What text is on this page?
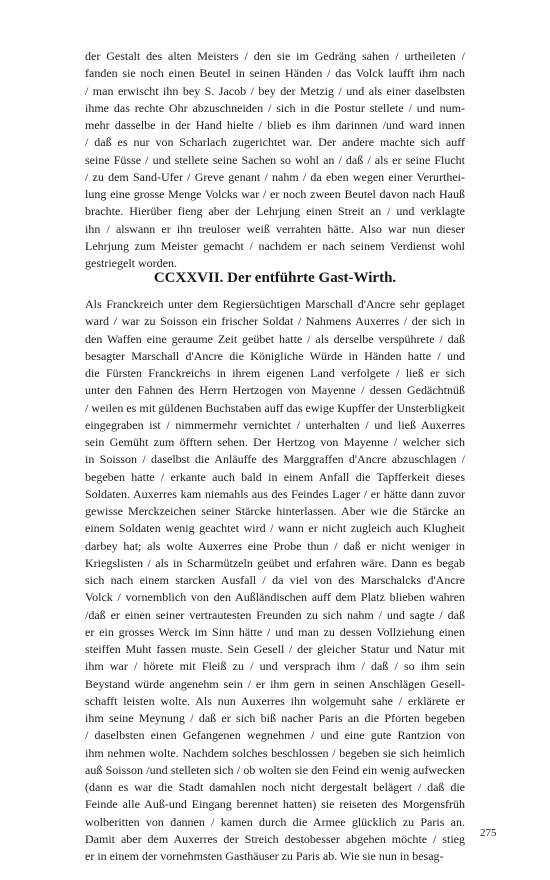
der Gestalt des alten Meisters / den sie im Gedräng sahen / urtheileten /
fanden sie noch einen Beutel in seinen Händen / das Volck laufft ihm nach
/ man erwischt ihn bey S. Jacob / bey der Metzig / und als einer daselbsten
ihme das rechte Ohr abzuschneiden / sich in die Postur stellete / und num-
mehr dasselbe in der Hand hielte / blieb es ihm darinnen /und ward innen
/ daß es nur von Scharlach zugerichtet war. Der andere machte sich auff
seine Füsse / und stellete seine Sachen so wohl an / daß / als er seine Flucht
/ zu dem Sand-Ufer / Greve genant / nahm / da eben wegen einer Verurthei-
lung eine grosse Menge Volcks war / er noch zween Beutel davon nach Hauß
brachte. Hierüber fieng aber der Lehrjung einen Streit an / und verklagte
ihn / alswann er ihn treuloser weiß verrahten hätte. Also war nun dieser
Lehrjung zum Meister gemacht / nachdem er nach seinem Verdienst wohl
gestriegelt worden.
CCXXVII. Der entführte Gast-Wirth.
Als Franckreich unter dem Regiersüchtigen Marschall d'Ancre sehr geplaget
ward / war zu Soisson ein frischer Soldat / Nahmens Auxerres / der sich in
den Waffen eine geraume Zeit geübet hatte / als derselbe verspührete / daß
besagter Marschall d'Ancre die Königliche Würde in Händen hatte / und
die Fürsten Franckreichs in ihrem eigenen Land verfolgete / ließ er sich
unter den Fahnen des Herrn Hertzogen von Mayenne / dessen Gedächtnüß
/ weilen es mit güldenen Buchstaben auff das ewige Kupffer der Unsterbligkeit
eingegraben ist / nimmermehr vernichtet / unterhalten / und ließ Auxerres
sein Gemüht zum öfftern sehen. Der Hertzog von Mayenne / welcher sich
in Soisson / daselbst die Anläuffe des Marggraffen d'Ancre abzuschlagen /
begeben hatte / erkante auch bald in einem Anfall die Tapfferkeit dieses
Soldaten. Auxerres kam niemahls aus des Feindes Lager / er hätte dann zuvor
gewisse Merckzeichen seiner Stärcke hinterlassen. Aber wie die Stärcke an
einem Soldaten wenig geachtet wird / wann er nicht zugleich auch Klugheit
darbey hat; als wolte Auxerres eine Probe thun / daß er nicht weniger in
Kriegslisten / als in Scharmützeln geübet und erfahren wäre. Dann es begab
sich nach einem starcken Ausfall / da viel von des Marschalcks d'Ancre
Volck / vornemblich von den Außländischen auff dem Platz blieben wahren
/daß er einen seiner vertrautesten Freunden zu sich nahm / und sagte / daß
er ein grosses Werck im Sinn hätte / und man zu dessen Vollziehung einen
steiffen Muht fassen muste. Sein Gesell / der gleicher Statur und Natur mit
ihm war / hörete mit Fleiß zu / und versprach ihm / daß / so ihm sein
Beystand würde angenehm sein / er ihm gern in seinen Anschlägen Gesell-
schafft leisten wolte. Als nun Auxerres ihn wolgemuht sahe / erklärete er
ihm seine Meynung / daß er sich biß nacher Paris an die Pforten begeben
/ daselbsten einen Gefangenen wegnehmen / und eine gute Rantzion von
ihm nehmen wolte. Nachdem solches beschlossen / begeben sie sich heimlich
auß Soisson /und stelleten sich / ob wolten sie den Feind ein wenig aufwecken
(dann es war die Stadt damahlen noch nicht dergestalt belägert / daß die
Feinde alle Auß-und Eingang berennet hatten) sie reiseten des Morgensfrüh
wolberitten von dannen / kamen durch die Armee glücklich zu Paris an.
Damit aber dem Auxerres der Streich destobesser abgehen möchte / stieg
er in einem der vornehmsten Gasthäuser zu Paris ab. Wie sie nun in besag-
275
